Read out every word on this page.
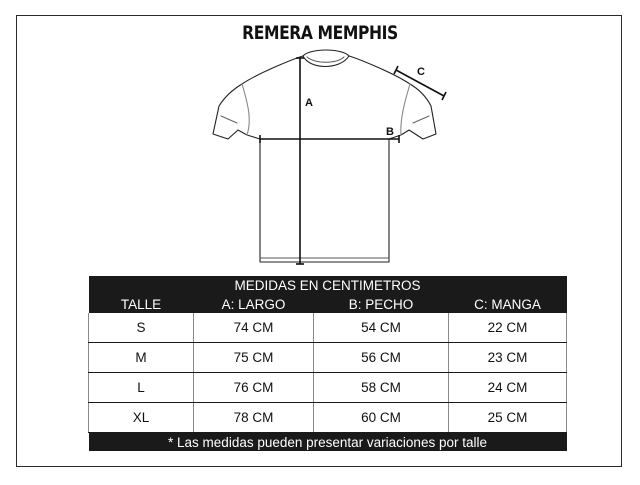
REMERA MEMPHIS
A
B
C
MEDIDAS EN CENTIMETROS			
TALLE	A: LARGO	B: PECHO	C: MANGA
S	74 CM	54 CM	22 CM
M	75 CM	56 CM	23 CM
L	76 CM	58 CM	24 CM
XL	78 CM	60 CM	25 CM
* Las medidas pueden presentar variaciones por talle			
